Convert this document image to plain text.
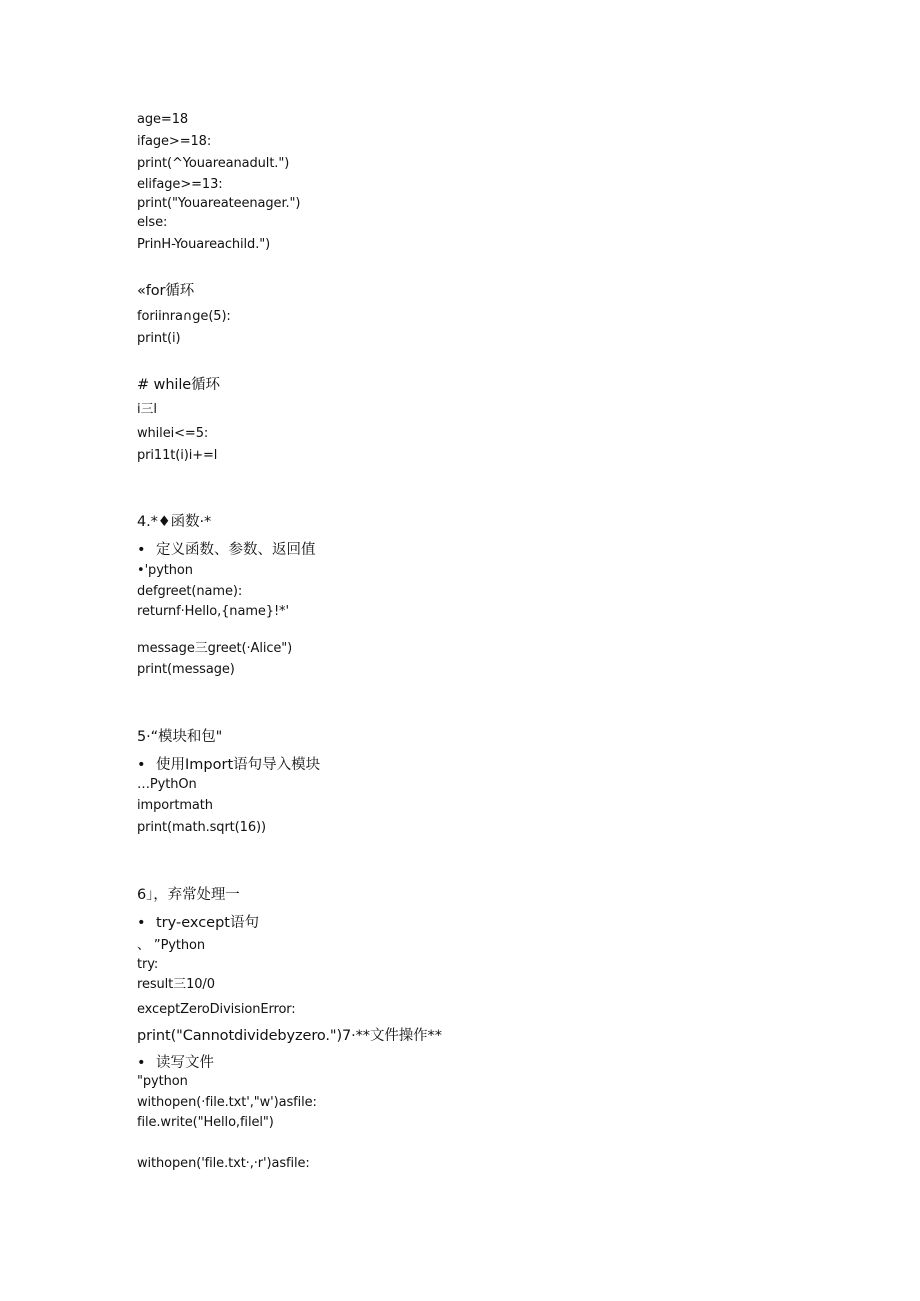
age=18
ifage>=18:
print(^Youareanadult.")
elifage>=13:
print("Youareateenager.")
else:
PrinH-Youareachild.")
«for循环
foriinra∩ge(5):
print(i)
# while循环
i三l
whilei<=5:
pri11t(i)i+=l
4.*♦函数·*
• 定义函数、参数、返回值
•'python
defgreet(name):
returnf·Hello,{name}!*'
message三greet(·Alice")
print(message)
5·“模块和包"
• 使用Import语句导入模块
…PythOn
importmath
print(math.sqrt(16))
6」，弃常处理一
• try-except语句
、 ”Python
try:
result三10/0
exceptZeroDivisionError:
print("Cannotdividebyzero.")7·**文件操作**
• 读写文件
"python
withopen(·file.txt',"w')asfile:
file.write("Hello,filel")
withopen('file.txt·,·r')asfile:
